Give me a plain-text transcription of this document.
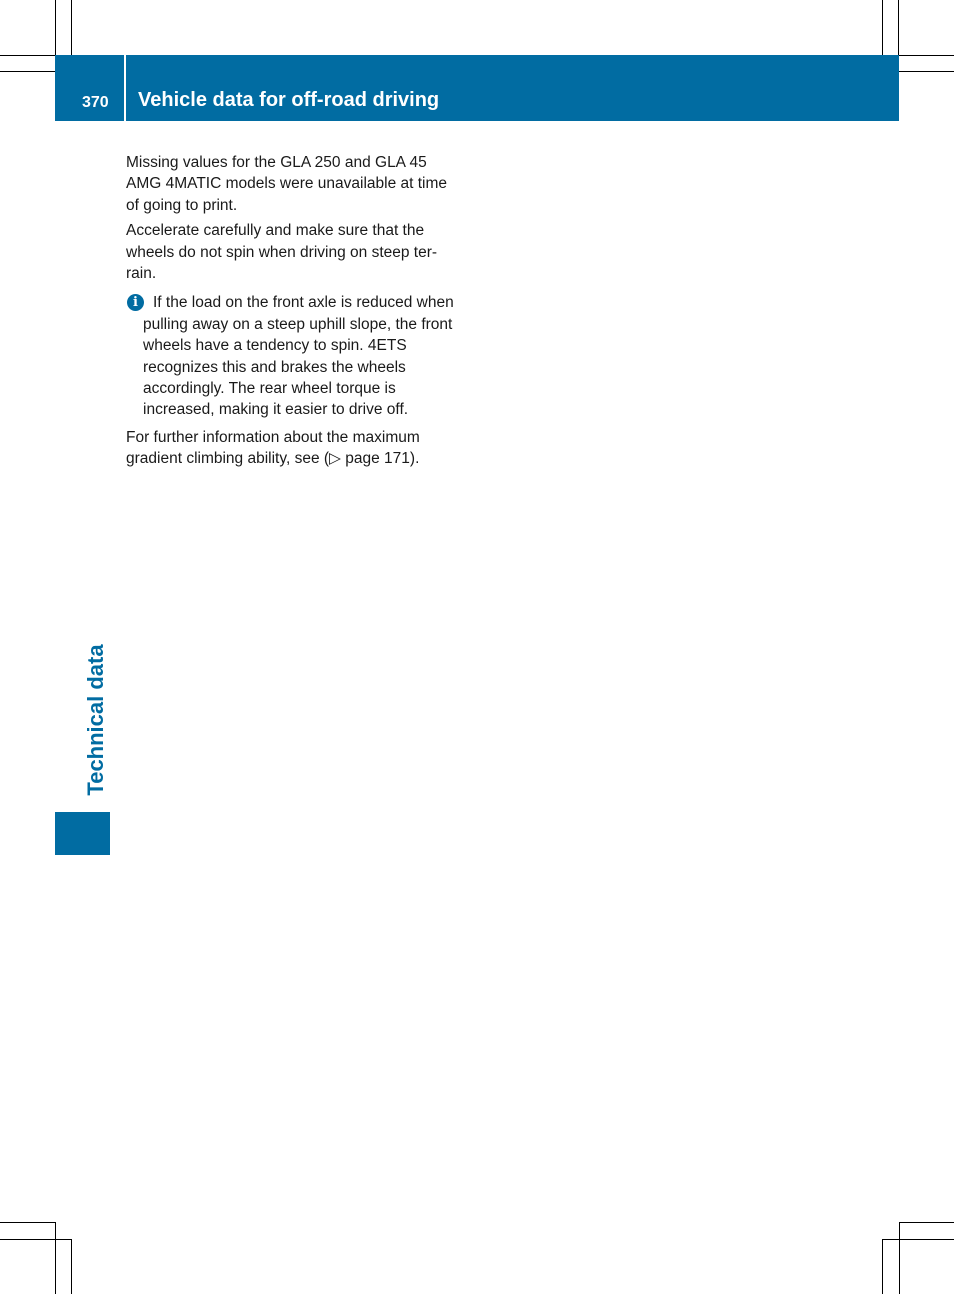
370 Vehicle data for off-road driving
Technical data

Missing values for the GLA 250 and GLA 45 AMG 4MATIC models were unavailable at time of going to print.

Accelerate carefully and make sure that the wheels do not spin when driving on steep ter-rain.

i If the load on the front axle is reduced when pulling away on a steep uphill slope, the front wheels have a tendency to spin. 4ETS recognizes this and brakes the wheels accordingly. The rear wheel torque is increased, making it easier to drive off.

For further information about the maximum gradient climbing ability, see (▷ page 171).
